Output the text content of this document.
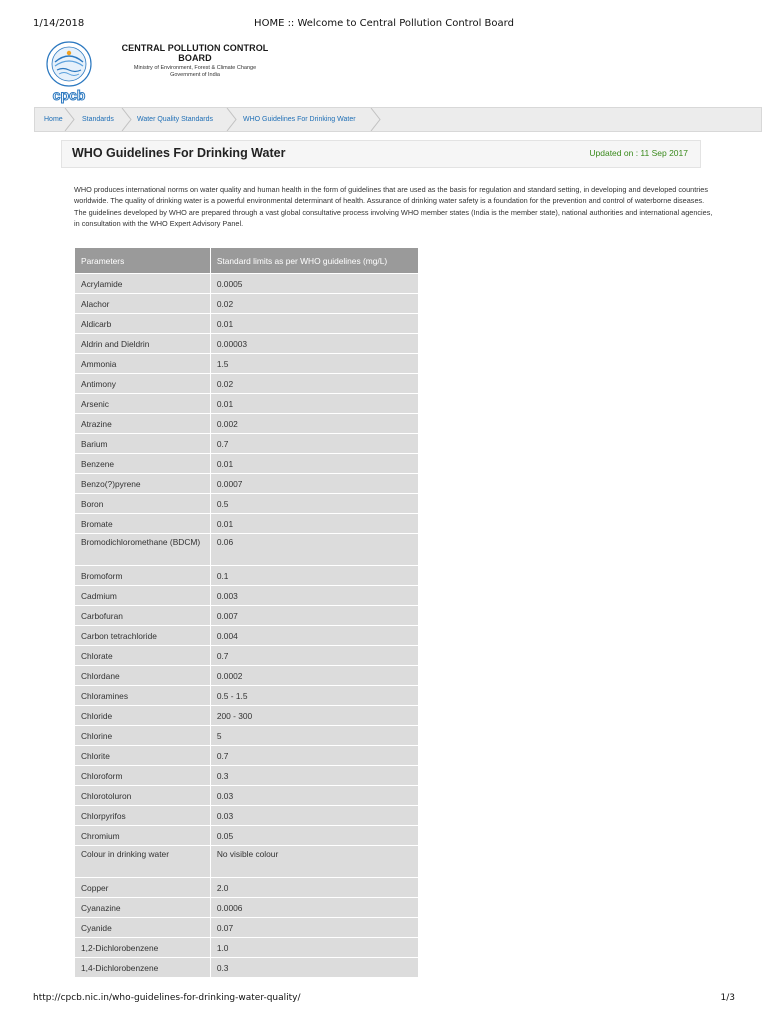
1/14/2018	HOME :: Welcome to Central Pollution Control Board
cpcb
CENTRAL POLLUTION CONTROL BOARD
Ministry of Environment, Forest & Climate Change
Government of India
Home	Standards	Water Quality Standards	WHO Guidelines For Drinking Water
WHO Guidelines For Drinking Water	Updated on : 11 Sep 2017

WHO produces international norms on water quality and human health in the form of guidelines that are used as the basis for regulation and standard setting, in developing and developed countries worldwide. The quality of drinking water is a powerful environmental determinant of health. Assurance of drinking water safety is a foundation for the prevention and control of waterborne diseases. The guidelines developed by WHO are prepared through a vast global consultative process involving WHO member states (India is the member state), national authorities and international agencies, in consultation with the WHO Expert Advisory Panel.

Parameters	Standard limits as per WHO guidelines (mg/L)
Acrylamide	0.0005
Alachor	0.02
Aldicarb	0.01
Aldrin and Dieldrin	0.00003
Ammonia	1.5
Antimony	0.02
Arsenic	0.01
Atrazine	0.002
Barium	0.7
Benzene	0.01
Benzo(?)pyrene	0.0007
Boron	0.5
Bromate	0.01
Bromodichloromethane (BDCM)	0.06
Bromoform	0.1
Cadmium	0.003
Carbofuran	0.007
Carbon tetrachloride	0.004
Chlorate	0.7
Chlordane	0.0002
Chloramines	0.5 - 1.5
Chloride	200 - 300
Chlorine	5
Chlorite	0.7
Chloroform	0.3
Chlorotoluron	0.03
Chlorpyrifos	0.03
Chromium	0.05
Colour in drinking water	No visible colour
Copper	2.0
Cyanazine	0.0006
Cyanide	0.07
1,2-Dichlorobenzene	1.0
1,4-Dichlorobenzene	0.3
http://cpcb.nic.in/who-guidelines-for-drinking-water-quality/	1/3
